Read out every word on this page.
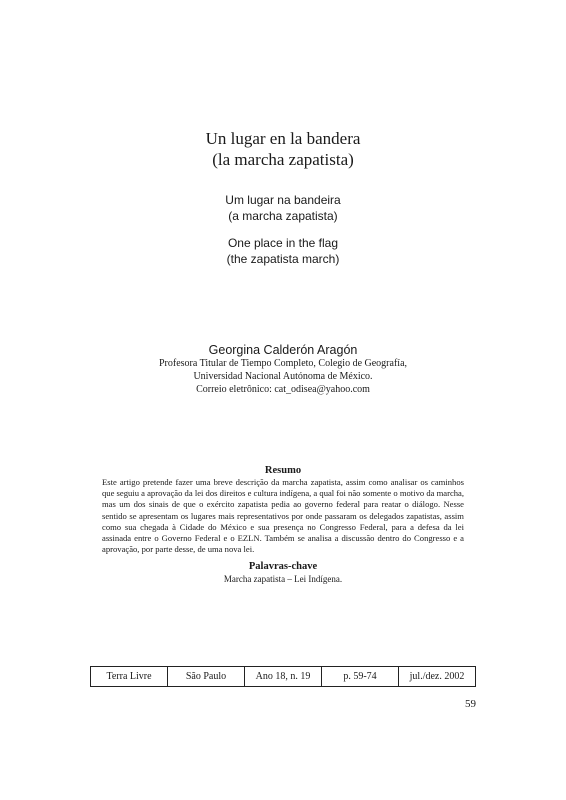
Un lugar en la bandera
(la marcha zapatista)
Um lugar na bandeira
(a marcha zapatista)
One place in the flag
(the zapatista march)
Georgina Calderón Aragón
Profesora Titular de Tiempo Completo, Colegio de Geografía,
Universidad Nacional Autónoma de México.
Correio eletrônico: cat_odisea@yahoo.com
Resumo

Este artigo pretende fazer uma breve descrição da marcha zapatista, assim como analisar os caminhos que seguiu a aprovação da lei dos direitos e cultura indígena, a qual foi não somente o motivo da marcha, mas um dos sinais de que o exército zapatista pedia ao governo federal para reatar o diálogo. Nesse sentido se apresentam os lugares mais representativos por onde passaram os delegados zapatistas, assim como sua chegada à Cidade do México e sua presença no Congresso Federal, para a defesa da lei assinada entre o Governo Federal e o EZLN. Também se analisa a discussão dentro do Congresso e a aprovação, por parte desse, de uma nova lei.

Palavras-chave
Marcha zapatista – Lei Indígena.
Terra Livre	São Paulo	Ano 18, n. 19	p. 59-74	jul./dez. 2002
59
